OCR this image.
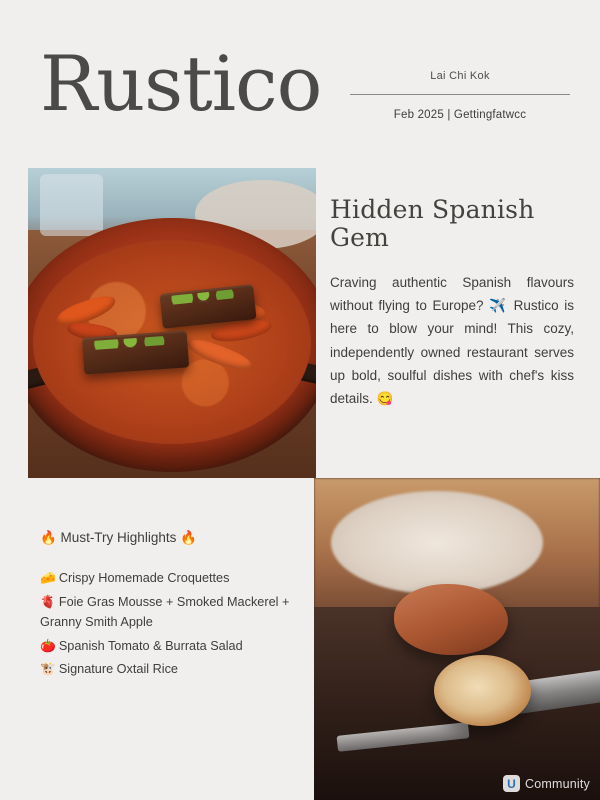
Rustico	Lai Chi Kok
Feb 2025 | Gettingfatwcc
Hidden Spanish Gem

Craving authentic Spanish flavours without flying to Europe? ✈️ Rustico is here to blow your mind! This cozy, independently owned restaurant serves up bold, soulful dishes with chef's kiss details. 😋

🔥 Must-Try Highlights 🔥
🧀 Crispy Homemade Croquettes
🫀 Foie Gras Mousse + Smoked Mackerel + Granny Smith Apple
🍅 Spanish Tomato & Burrata Salad
🐮 Signature Oxtail Rice
U Community
